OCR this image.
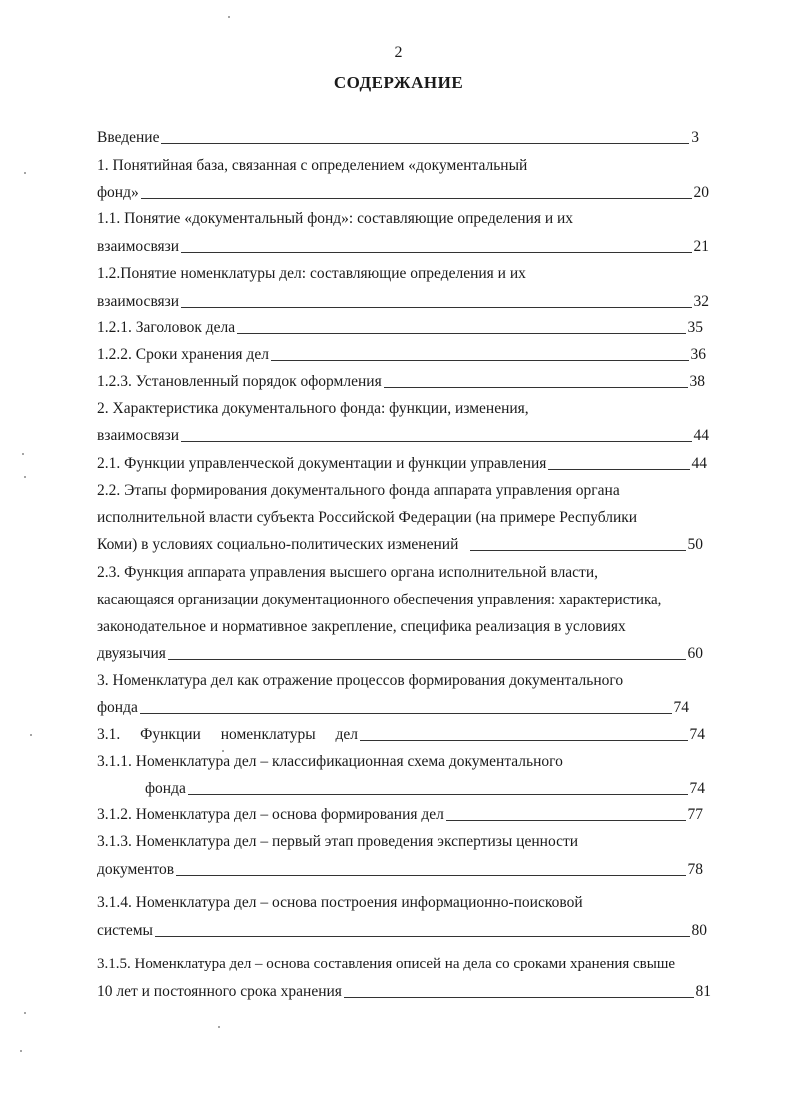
2
СОДЕРЖАНИЕ
Введение	3
1. Понятийная база, связанная с определением «документальный
фонд»	20
1.1. Понятие «документальный фонд»: составляющие определения и их
взаимосвязи	21
1.2.Понятие номенклатуры дел: составляющие определения и их
взаимосвязи	32
1.2.1. Заголовок дела	35
1.2.2. Сроки хранения дел	36
1.2.3. Установленный порядок оформления	38
2. Характеристика документального фонда: функции, изменения,
взаимосвязи	44
2.1. Функции управленческой документации и функции управления	44
2.2. Этапы формирования документального фонда аппарата управления органа
исполнительной власти субъекта Российской Федерации (на примере Республики
Коми) в условиях социально-политических изменений	50
2.3. Функция аппарата управления высшего органа исполнительной власти,
касающаяся организации документационного обеспечения управления: характеристика,
законодательное и нормативное закрепление, специфика реализация в условиях
двуязычия	60
3. Номенклатура дел как отражение процессов формирования документального
фонда	74
3.1. Функции номенклатуры дел	74
3.1.1. Номенклатура дел – классификационная схема документального
фонда	74
3.1.2. Номенклатура дел – основа формирования дел	77
3.1.3. Номенклатура дел – первый этап проведения экспертизы ценности
документов	78
3.1.4. Номенклатура дел – основа построения информационно-поисковой
системы	80
3.1.5. Номенклатура дел – основа составления описей на дела со сроками хранения свыше
10 лет и постоянного срока хранения	81
